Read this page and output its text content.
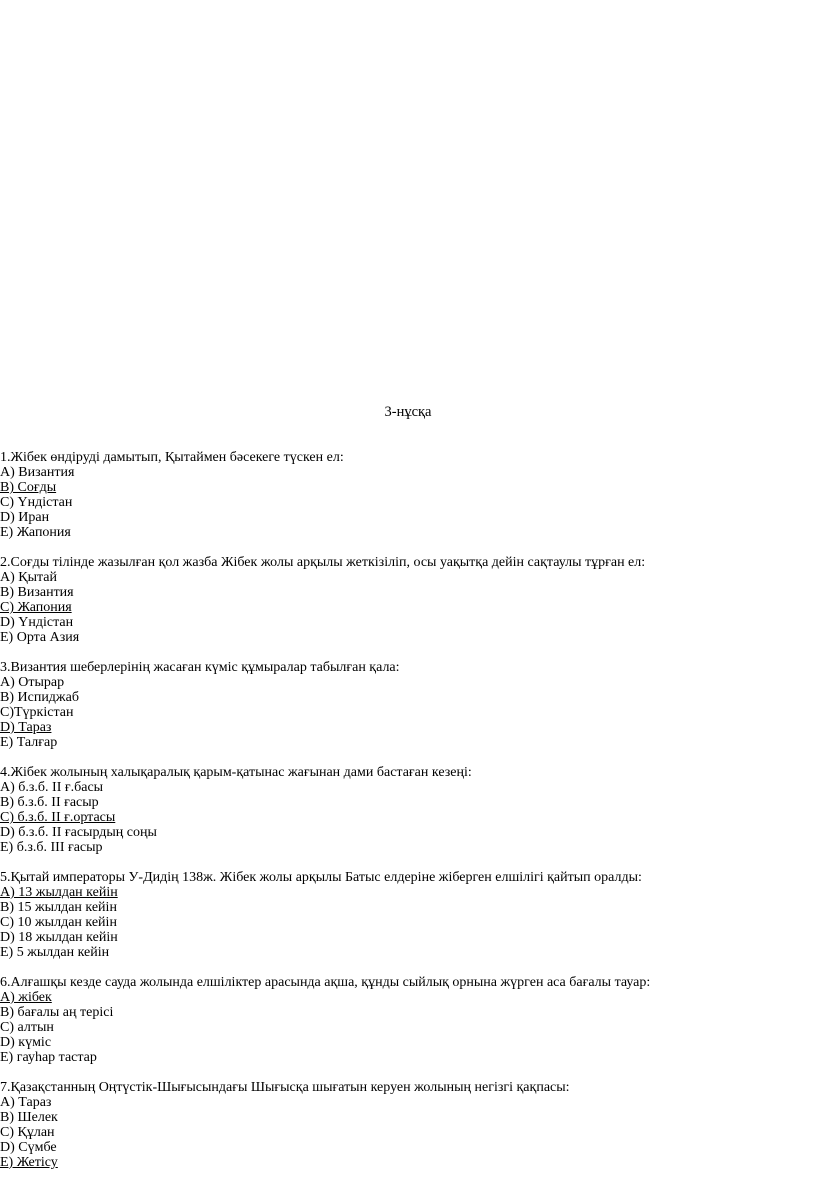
3-нұсқа
1.Жібек өндіруді дамытып, Қытаймен бәсекеге түскен ел:
A) Византия
B) Соғды
C) Үндістан
D) Иран
E) Жапония
2.Соғды тілінде жазылған қол жазба Жібек жолы арқылы жеткізіліп, осы уақытқа дейін сақтаулы тұрған ел:
A) Қытай
B) Византия
C) Жапония
D) Үндістан
E) Орта Азия
3.Византия шеберлерінің жасаған күміс құмыралар табылған қала:
A) Отырар
B) Испиджаб
C)Түркістан
D) Тараз
E) Талғар
4.Жібек жолының халықаралық қарым-қатынас жағынан дами бастаған кезеңі:
A) б.з.б. II ғ.басы
B) б.з.б. II ғасыр
C) б.з.б. II ғ.ортасы
D) б.з.б. II ғасырдың соңы
E) б.з.б. III ғасыр
5.Қытай императоры У-Дидің 138ж. Жібек жолы арқылы Батыс елдеріне жіберген елшілігі қайтып оралды:
A) 13 жылдан кейін
B) 15 жылдан кейін
C) 10 жылдан кейін
D) 18 жылдан кейін
E) 5 жылдан кейін
6.Алғашқы кезде сауда жолында елшіліктер арасында ақша, құнды сыйлық орнына жүрген аса бағалы тауар:
A) жібек
B) бағалы аң терісі
C) алтын
D) күміс
E) гауһар тастар
7.Қазақстанның Оңтүстік-Шығысындағы Шығысқа шығатын керуен жолының негізгі қақпасы:
A) Тараз
B) Шелек
C) Құлан
D) Сүмбе
E) Жетісу
